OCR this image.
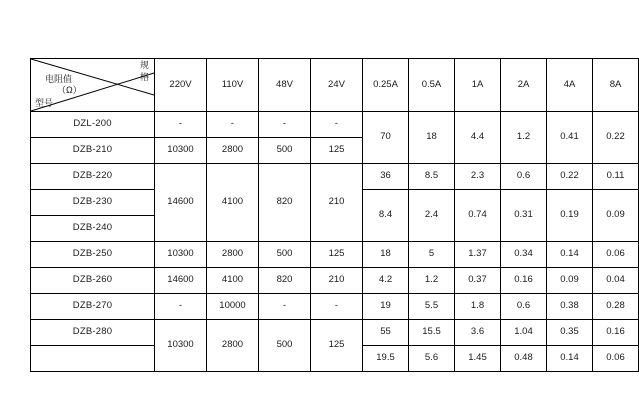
规
电阻值
（Ω）
型号
格	220V	110V	48V	24V	0.25A	0.5A	1A	2A	4A	8A
DZL-200	-	-	-	-	70	18	4.4	1.2	0.41	0.22
DZB-210	10300	2800	500	125						
DZB-220	14600	4100	820	210	36	8.5	2.3	0.6	0.22	0.11
DZB-230					8.4	2.4	0.74	0.31	0.19	0.09
DZB-240										
DZB-250	10300	2800	500	125	18	5	1.37	0.34	0.14	0.06
DZB-260	14600	4100	820	210	4.2	1.2	0.37	0.16	0.09	0.04
DZB-270	-	10000	-	-	19	5.5	1.8	0.6	0.38	0.28
DZB-280	10300	2800	500	125	55	15.5	3.6	1.04	0.35	0.16
					19.5	5.6	1.45	0.48	0.14	0.06
